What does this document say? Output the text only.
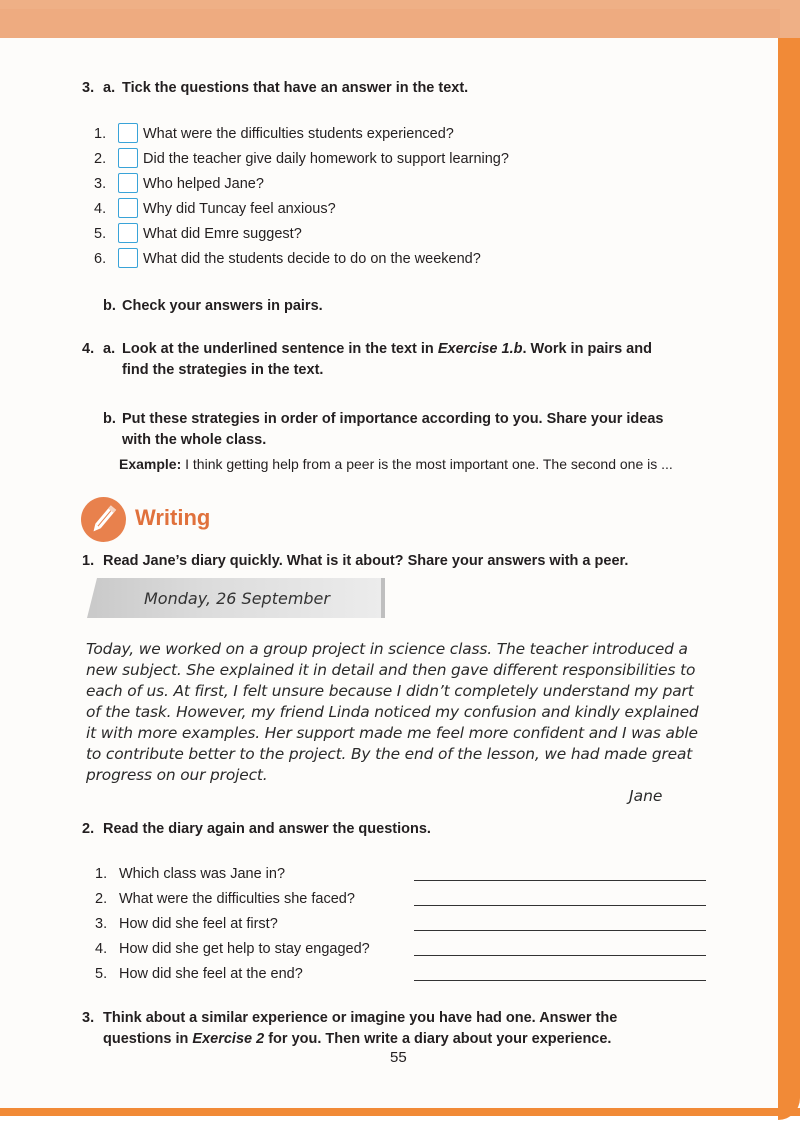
3. a. Tick the questions that have an answer in the text.
1.	What were the difficulties students experienced?
2.	Did the teacher give daily homework to support learning?
3.	Who helped Jane?
4.	Why did Tuncay feel anxious?
5.	What did Emre suggest?
6.	What did the students decide to do on the weekend?
b. Check your answers in pairs.
4. a. Look at the underlined sentence in the text in Exercise 1.b. Work in pairs and
find the strategies in the text.
b. Put these strategies in order of importance according to you. Share your ideas
with the whole class.
Example: I think getting help from a peer is the most important one. The second one is ...
Writing
1. Read Jane’s diary quickly. What is it about? Share your answers with a peer.
Monday, 26 September
Today, we worked on a group project in science class. The teacher introduced a
new subject. She explained it in detail and then gave different responsibilities to
each of us. At first, I felt unsure because I didn’t completely understand my part
of the task. However, my friend Linda noticed my confusion and kindly explained
it with more examples. Her support made me feel more confident and I was able
to contribute better to the project. By the end of the lesson, we had made great
progress on our project.
Jane
2. Read the diary again and answer the questions.
1. Which class was Jane in?
2. What were the difficulties she faced?
3. How did she feel at first?
4. How did she get help to stay engaged?
5. How did she feel at the end?
3. Think about a similar experience or imagine you have had one. Answer the
questions in Exercise 2 for you. Then write a diary about your experience.
55
